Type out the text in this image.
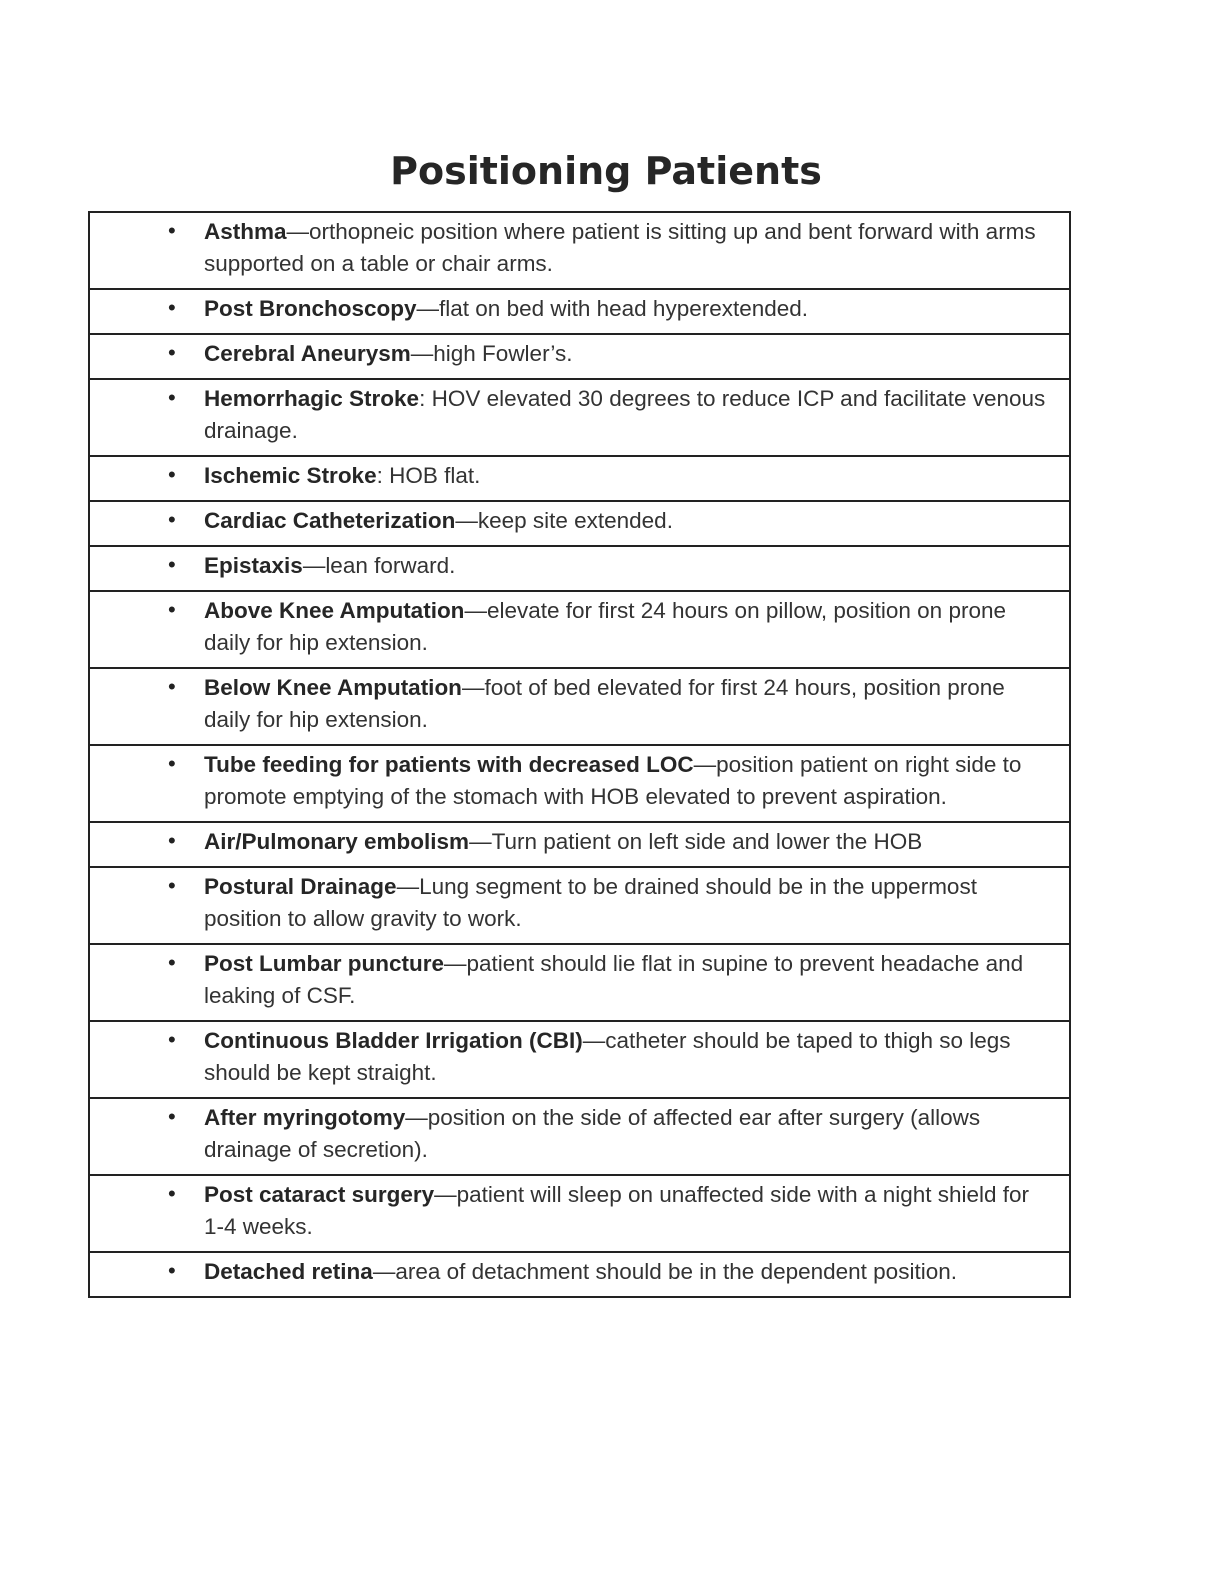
Positioning Patients
• Asthma—orthopneic position where patient is sitting up and bent forward with arms supported on a table or chair arms.
• Post Bronchoscopy—flat on bed with head hyperextended.
• Cerebral Aneurysm—high Fowler’s.
• Hemorrhagic Stroke: HOV elevated 30 degrees to reduce ICP and facilitate venous drainage.
• Ischemic Stroke: HOB flat.
• Cardiac Catheterization—keep site extended.
• Epistaxis—lean forward.
• Above Knee Amputation—elevate for first 24 hours on pillow, position on prone daily for hip extension.
• Below Knee Amputation—foot of bed elevated for first 24 hours, position prone daily for hip extension.
• Tube feeding for patients with decreased LOC—position patient on right side to promote emptying of the stomach with HOB elevated to prevent aspiration.
• Air/Pulmonary embolism—Turn patient on left side and lower the HOB
• Postural Drainage—Lung segment to be drained should be in the uppermost position to allow gravity to work.
• Post Lumbar puncture—patient should lie flat in supine to prevent headache and leaking of CSF.
• Continuous Bladder Irrigation (CBI)—catheter should be taped to thigh so legs should be kept straight.
• After myringotomy—position on the side of affected ear after surgery (allows drainage of secretion).
• Post cataract surgery—patient will sleep on unaffected side with a night shield for 1-4 weeks.
• Detached retina—area of detachment should be in the dependent position.
